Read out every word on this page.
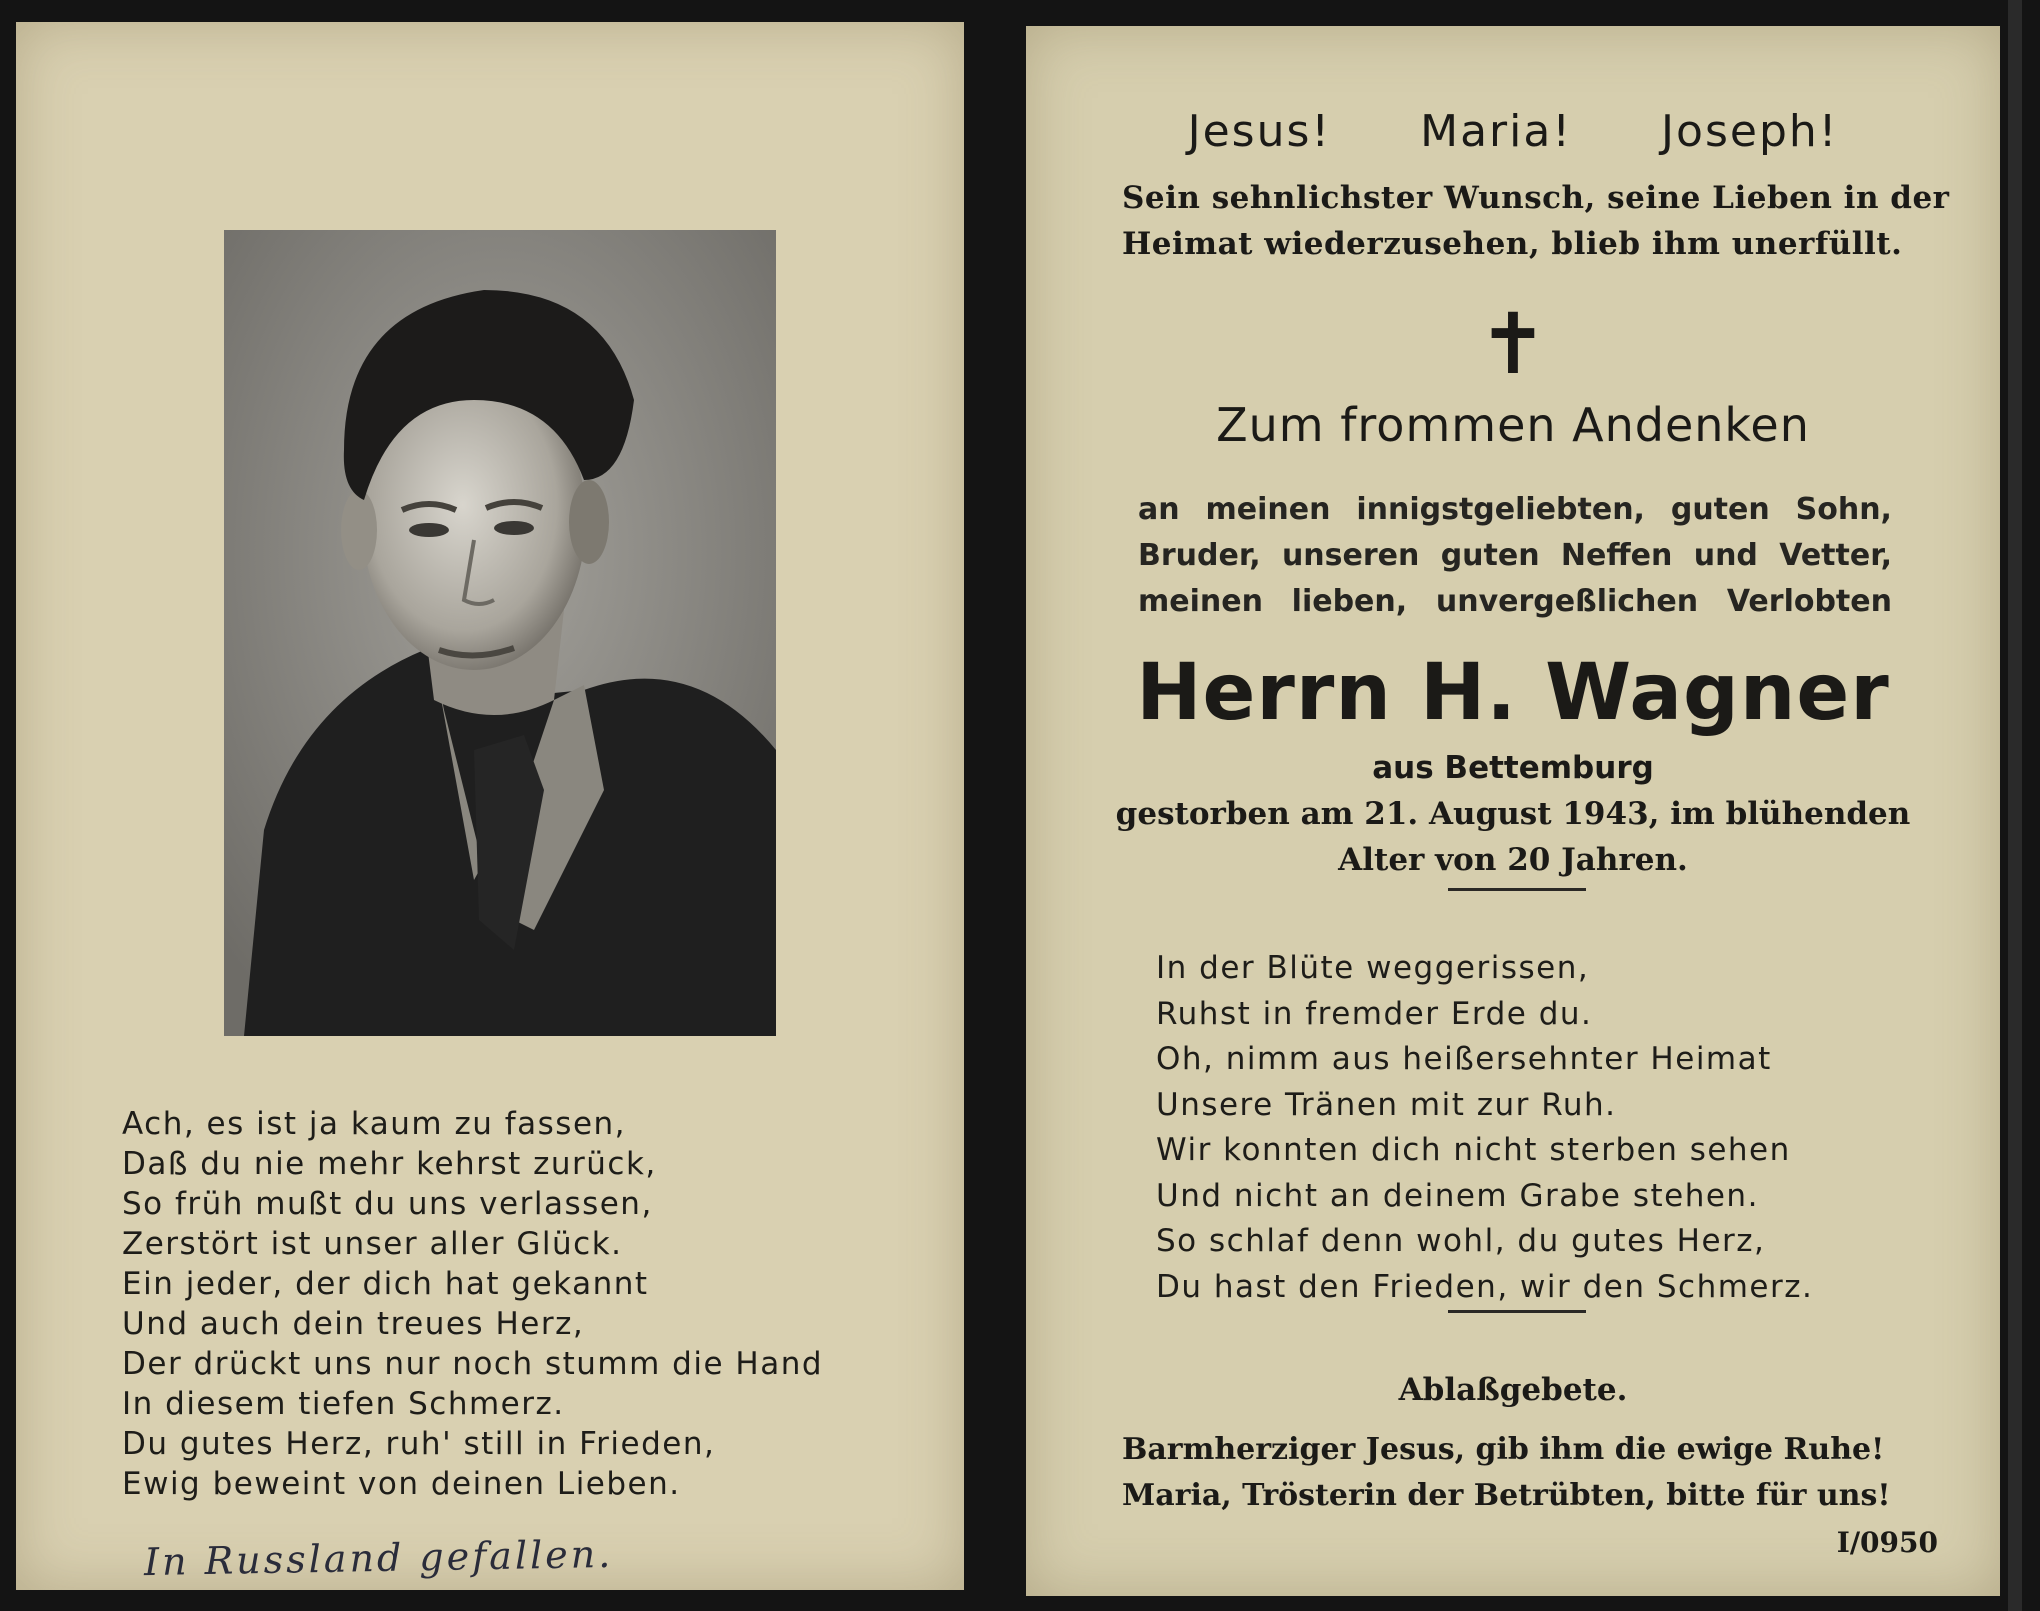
Ach, es ist ja kaum zu fassen,
Daß du nie mehr kehrst zurück,
So früh mußt du uns verlassen,
Zerstört ist unser aller Glück.
Ein jeder, der dich hat gekannt
Und auch dein treues Herz,
Der drückt uns nur noch stumm die Hand
In diesem tiefen Schmerz.
Du gutes Herz, ruh' still in Frieden,
Ewig beweint von deinen Lieben.
In Russland gefallen.
Jesus! Maria! Joseph!
Sein sehnlichster Wunsch, seine Lieben in der
Heimat wiederzusehen, blieb ihm unerfüllt.
✝
Zum frommen Andenken
an meinen innigstgeliebten, guten Sohn,
Bruder, unseren guten Neffen und Vetter,
meinen lieben, unvergeßlichen Verlobten
Herrn H. Wagner
aus Bettemburg
gestorben am 21. August 1943, im blühenden
Alter von 20 Jahren.
In der Blüte weggerissen,
Ruhst in fremder Erde du.
Oh, nimm aus heißersehnter Heimat
Unsere Tränen mit zur Ruh.
Wir konnten dich nicht sterben sehen
Und nicht an deinem Grabe stehen.
So schlaf denn wohl, du gutes Herz,
Du hast den Frieden, wir den Schmerz.
Ablaßgebete.
Barmherziger Jesus, gib ihm die ewige Ruhe!
Maria, Trösterin der Betrübten, bitte für uns!
I/0950
